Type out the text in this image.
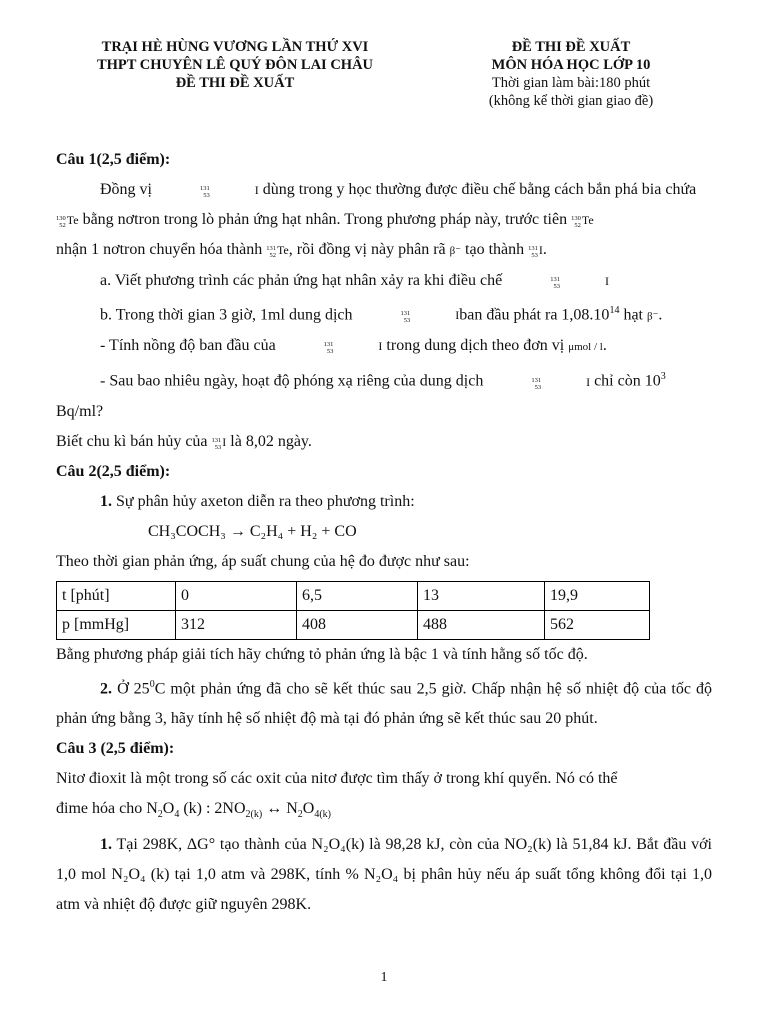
TRẠI HÈ HÙNG VƯƠNG LẦN THỨ XVI
THPT CHUYÊN LÊ QUÝ ĐÔN LAI CHÂU
ĐỀ THI ĐỀ XUẤT
ĐỀ THI ĐỀ XUẤT
MÔN HÓA HỌC LỚP 10
Thời gian làm bài:180 phút
(không kể thời gian giao đề)
Câu 1(2,5 điểm):
Đồng vị	131
53	I dùng trong y học thường được điều chế bằng cách bắn phá bia chứa
130
52 Te bằng nơtron trong lò phản ứng hạt nhân. Trong phương pháp này, trước tiên 130
52 Te
nhận 1 nơtron chuyển hóa thành 131
52 Te , rồi đồng vị này phân rã β⁻ tạo thành 131
53 I .
a. Viết phương trình các phản ứng hạt nhân xảy ra khi điều chế	131
53	I
b. Trong thời gian 3 giờ, 1ml dung dịch	131
53	I ban đầu phát ra 1,08.10$^{14}$ hạt β⁻.
- Tính nồng độ ban đầu của	131
53	I trong dung dịch theo đơn vị μmol / l.
- Sau bao nhiêu ngày, hoạt độ phóng xạ riêng của dung dịch	131
53	I chỉ còn $10^3$ Bq/ml?
Biết chu kì bán hủy của 131
53 I là 8,02 ngày.
Câu 2(2,5 điểm):
1. Sự phân hủy axeton diễn ra theo phương trình:
CH₃COCH₃ → C₂H₄ + H₂ + CO
Theo thời gian phản ứng, áp suất chung của hệ đo được như sau:
t [phút]	0	6,5	13	19,9
p [mmHg]	312	408	488	562
Bằng phương pháp giải tích hãy chứng tỏ phản ứng là bậc 1 và tính hằng số tốc độ.
2. Ở $25^0C$ một phản ứng đã cho sẽ kết thúc sau 2,5 giờ. Chấp nhận hệ số nhiệt độ của tốc độ phản ứng bằng 3, hãy tính hệ số nhiệt độ mà tại đó phản ứng sẽ kết thúc sau 20 phút.
Câu 3 (2,5 điểm):
Nitơ đioxit là một trong số các oxit của nitơ được tìm thấy ở trong khí quyển. Nó có thể
đime hóa cho $N_2O_4$ (k) : $2NO_{2(k)}$ ↔ $N_2O_{4(k)}$
1. Tại 298K, ΔG° tạo thành của N₂O₄(k) là 98,28 kJ, còn của NO₂(k) là 51,84 kJ. Bắt đầu với 1,0 mol N₂O₄ (k) tại 1,0 atm và 298K, tính % N₂O₄ bị phân hủy nếu áp suất tổng không đổi tại 1,0 atm và nhiệt độ được giữ nguyên 298K.
1
